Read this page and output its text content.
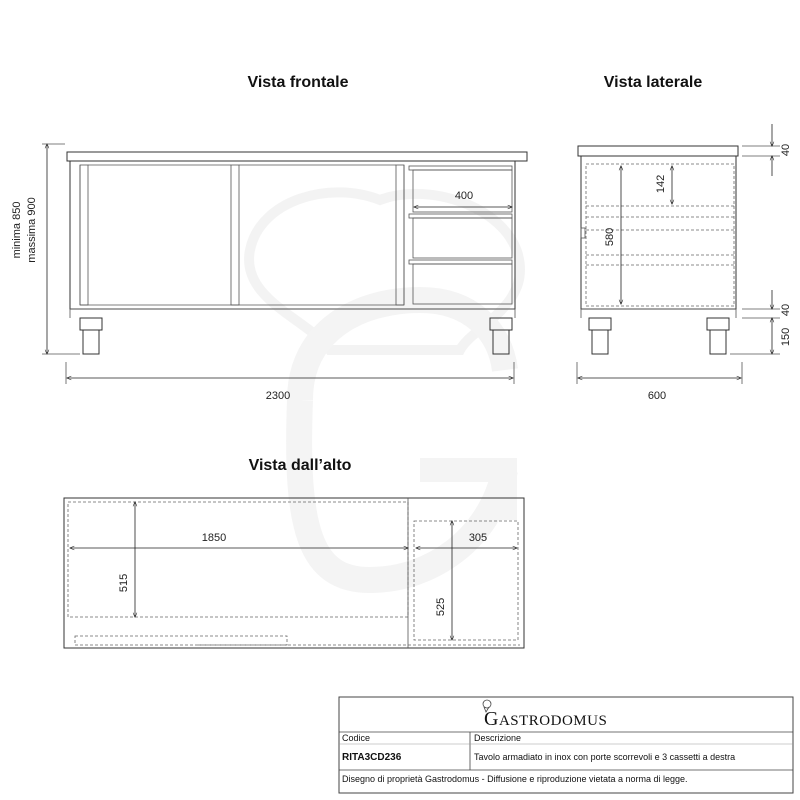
Vista frontale
minima 850 massima 900
2300
400
Vista laterale
600
40
142
580
40
150
Vista dall’alto
1850
515
305
525
GASTRODOMUS
Codice	Descrizione
RITA3CD236	Tavolo armadiato in inox con porte scorrevoli e 3 cassetti a destra
Disegno di proprietà Gastrodomus - Diffusione e riproduzione vietata a norma di legge.
